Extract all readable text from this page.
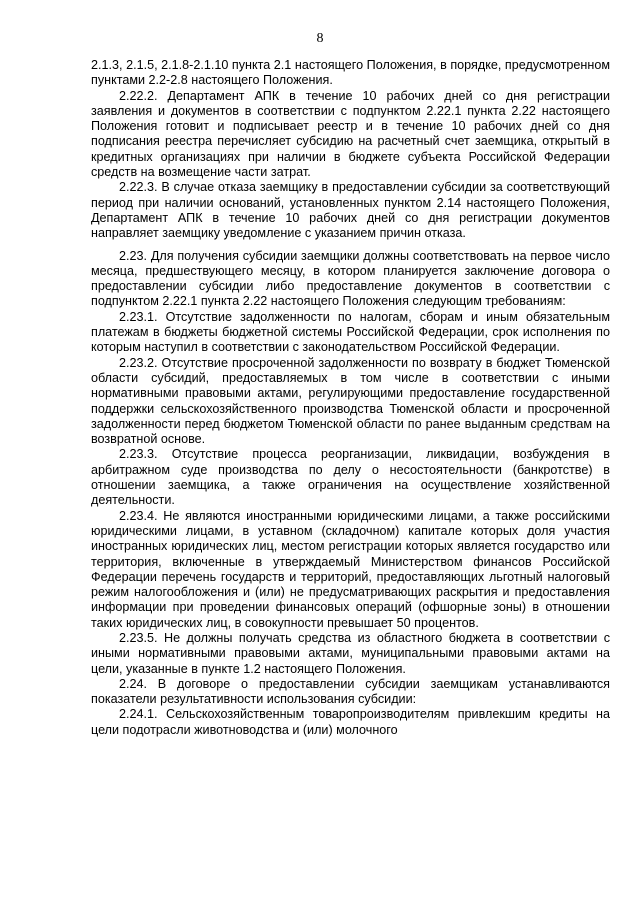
8

2.1.3, 2.1.5, 2.1.8-2.1.10 пункта 2.1 настоящего Положения, в порядке, предусмотренном пунктами 2.2-2.8 настоящего Положения.

2.22.2. Департамент АПК в течение 10 рабочих дней со дня регистрации заявления и документов в соответствии с подпунктом 2.22.1 пункта 2.22 настоящего Положения готовит и подписывает реестр и в течение 10 рабочих дней со дня подписания реестра перечисляет субсидию на расчетный счет заемщика, открытый в кредитных организациях при наличии в бюджете субъекта Российской Федерации средств на возмещение части затрат.

2.22.3. В случае отказа заемщику в предоставлении субсидии за соответствующий период при наличии оснований, установленных пунктом 2.14 настоящего Положения, Департамент АПК в течение 10 рабочих дней со дня регистрации документов направляет заемщику уведомление с указанием причин отказа.

2.23. Для получения субсидии заемщики должны соответствовать на первое число месяца, предшествующего месяцу, в котором планируется заключение договора о предоставлении субсидии либо предоставление документов в соответствии с подпунктом 2.22.1 пункта 2.22 настоящего Положения следующим требованиям:

2.23.1. Отсутствие задолженности по налогам, сборам и иным обязательным платежам в бюджеты бюджетной системы Российской Федерации, срок исполнения по которым наступил в соответствии с законодательством Российской Федерации.

2.23.2. Отсутствие просроченной задолженности по возврату в бюджет Тюменской области субсидий, предоставляемых в том числе в соответствии с иными нормативными правовыми актами, регулирующими предоставление государственной поддержки сельскохозяйственного производства Тюменской области и просроченной задолженности перед бюджетом Тюменской области по ранее выданным средствам на возвратной основе.

2.23.3. Отсутствие процесса реорганизации, ликвидации, возбуждения в арбитражном суде производства по делу о несостоятельности (банкротстве) в отношении заемщика, а также ограничения на осуществление хозяйственной деятельности.

2.23.4. Не являются иностранными юридическими лицами, а также российскими юридическими лицами, в уставном (складочном) капитале которых доля участия иностранных юридических лиц, местом регистрации которых является государство или территория, включенные в утверждаемый Министерством финансов Российской Федерации перечень государств и территорий, предоставляющих льготный налоговый режим налогообложения и (или) не предусматривающих раскрытия и предоставления информации при проведении финансовых операций (офшорные зоны) в отношении таких юридических лиц, в совокупности превышает 50 процентов.

2.23.5. Не должны получать средства из областного бюджета в соответствии с иными нормативными правовыми актами, муниципальными правовыми актами на цели, указанные в пункте 1.2 настоящего Положения.

2.24. В договоре о предоставлении субсидии заемщикам устанавливаются показатели результативности использования субсидии:

2.24.1. Сельскохозяйственным товаропроизводителям привлекшим кредиты на цели подотрасли животноводства и (или) молочного
